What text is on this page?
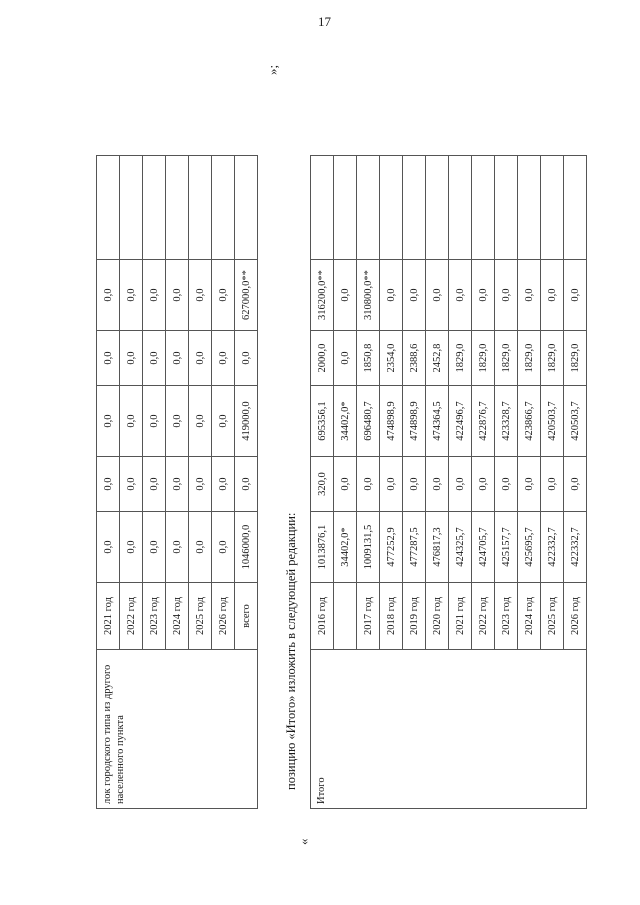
17
лок городского типа из другого населенного пункта	2021 год	0,0	0,0	0,0	0,0	0,0	
	2022 год	0,0	0,0	0,0	0,0	0,0	
	2023 год	0,0	0,0	0,0	0,0	0,0	
	2024 год	0,0	0,0	0,0	0,0	0,0	
	2025 год	0,0	0,0	0,0	0,0	0,0	
	2026 год	0,0	0,0	0,0	0,0	0,0	
	всего	1046000,0	0,0	419000,0	0,0	627000,0**	
»;
позицию «Итого» изложить в следующей редакции:
«
Итого	2016 год	1013876,1	320,0	695356,1	2000,0	316200,0**	
		34402,0*	0,0	34402,0*	0,0	0,0	
	2017 год	1009131,5	0,0	696480,7	1850,8	310800,0**	
	2018 год	477252,9	0,0	474898,9	2354,0	0,0	
	2019 год	477287,5	0,0	474898,9	2388,6	0,0	
	2020 год	476817,3	0,0	474364,5	2452,8	0,0	
	2021 год	424325,7	0,0	422496,7	1829,0	0,0	
	2022 год	424705,7	0,0	422876,7	1829,0	0,0	
	2023 год	425157,7	0,0	423328,7	1829,0	0,0	
	2024 год	425695,7	0,0	423866,7	1829,0	0,0	
	2025 год	422332,7	0,0	420503,7	1829,0	0,0	
	2026 год	422332,7	0,0	420503,7	1829,0	0,0	
